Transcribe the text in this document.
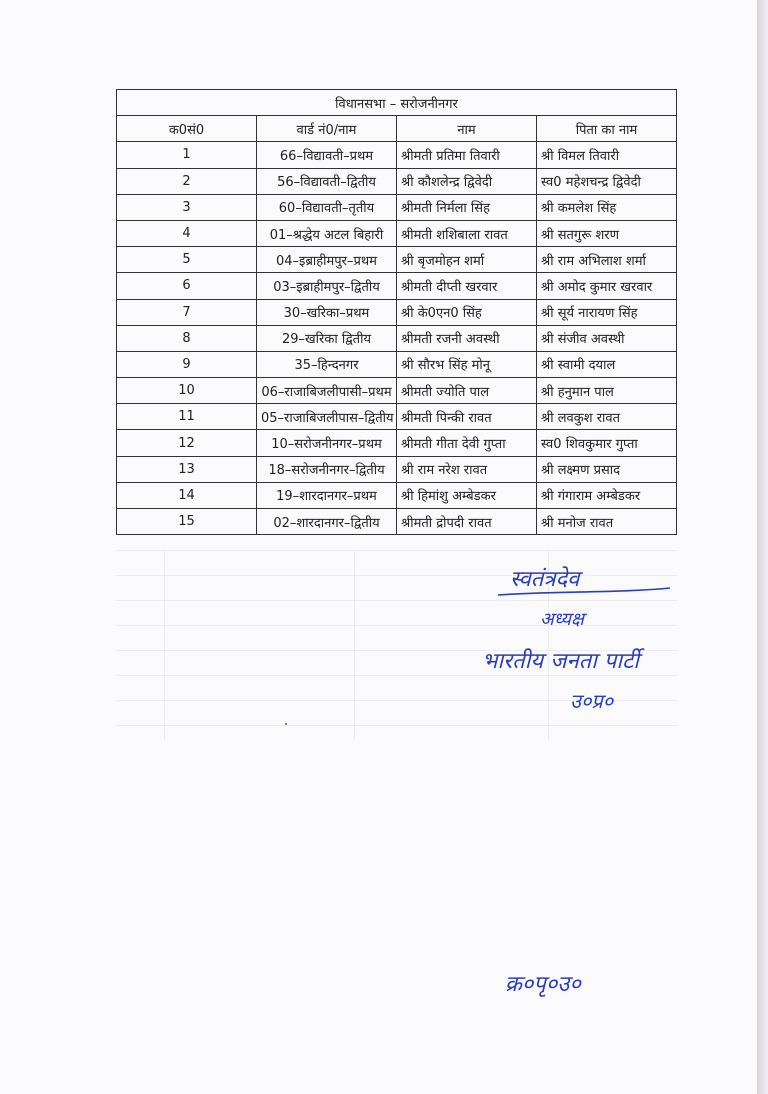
विधानसभा – सरोजनीनगर			
क0सं0	वार्ड नं0/नाम	नाम	पिता का नाम
1	66–विद्यावती–प्रथम	श्रीमती प्रतिमा तिवारी	श्री विमल तिवारी
2	56–विद्यावती–द्वितीय	श्री कौशलेन्द्र द्विवेदी	स्व0 महेशचन्द्र द्विवेदी
3	60–विद्यावती–तृतीय	श्रीमती निर्मला सिंह	श्री कमलेश सिंह
4	01–श्रद्धेय अटल बिहारी	श्रीमती शशिबाला रावत	श्री सतगुरू शरण
5	04–इब्राहीमपुर–प्रथम	श्री बृजमोहन शर्मा	श्री राम अभिलाश शर्मा
6	03–इब्राहीमपुर–द्वितीय	श्रीमती दीप्ती खरवार	श्री अमोद कुमार खरवार
7	30–खरिका–प्रथम	श्री के0एन0 सिंह	श्री सूर्य नारायण सिंह
8	29–खरिका द्वितीय	श्रीमती रजनी अवस्थी	श्री संजीव अवस्थी
9	35–हिन्दनगर	श्री सौरभ सिंह मोनू	श्री स्वामी दयाल
10	06–राजाबिजलीपासी–प्रथम	श्रीमती ज्योति पाल	श्री हनुमान पाल
11	05–राजाबिजलीपास–द्वितीय	श्रीमती पिन्की रावत	श्री लवकुश रावत
12	10–सरोजनीनगर–प्रथम	श्रीमती गीता देवी गुप्ता	स्व0 शिवकुमार गुप्ता
13	18–सरोजनीनगर–द्वितीय	श्री राम नरेश रावत	श्री लक्ष्मण प्रसाद
14	19–शारदानगर–प्रथम	श्री हिमांशु अम्बेडकर	श्री गंगाराम अम्बेडकर
15	02–शारदानगर–द्वितीय	श्रीमती द्रोपदी रावत	श्री मनोज रावत
स्वतंत्रदेव
अध्यक्ष
भारतीय जनता पार्टी
उ०प्र०
क्र०पृ०उ०
